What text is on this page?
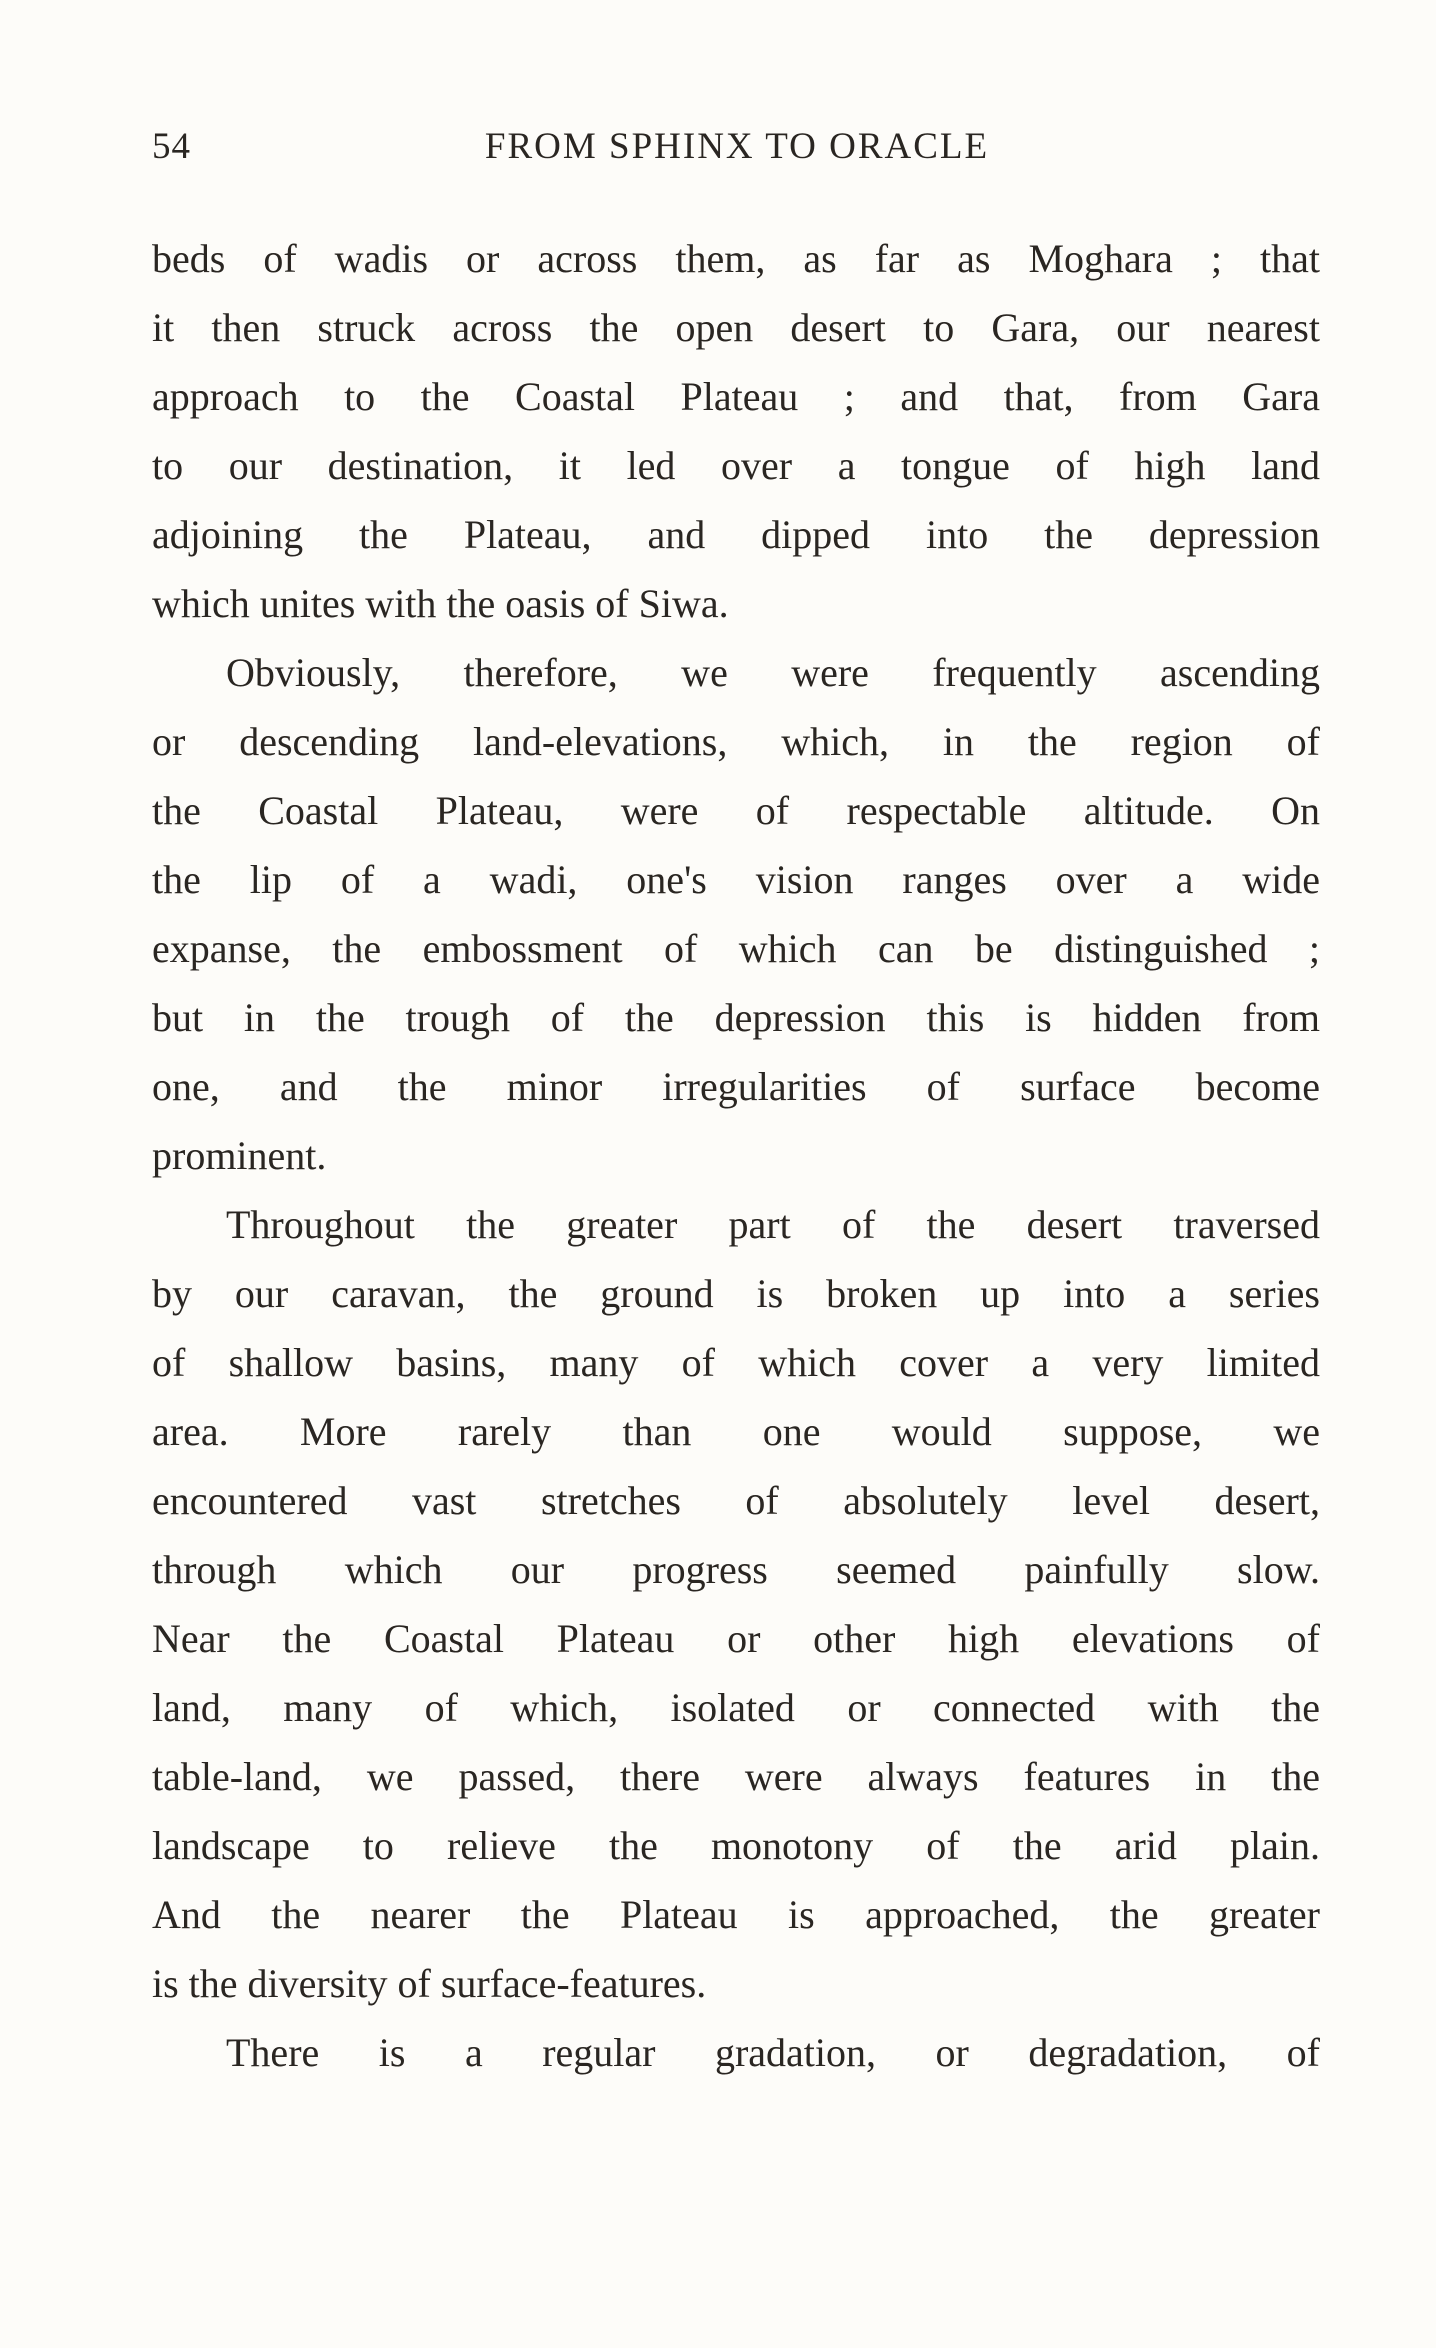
54	FROM SPHINX TO ORACLE
beds of wadis or across them, as far as Moghara ; that
it then struck across the open desert to Gara, our nearest
approach to the Coastal Plateau ; and that, from Gara
to our destination, it led over a tongue of high land
adjoining the Plateau, and dipped into the depression
which unites with the oasis of Siwa.
Obviously, therefore, we were frequently ascending
or descending land-elevations, which, in the region of
the Coastal Plateau, were of respectable altitude. On
the lip of a wadi, one's vision ranges over a wide
expanse, the embossment of which can be distinguished ;
but in the trough of the depression this is hidden from
one, and the minor irregularities of surface become
prominent.
Throughout the greater part of the desert traversed
by our caravan, the ground is broken up into a series
of shallow basins, many of which cover a very limited
area. More rarely than one would suppose, we
encountered vast stretches of absolutely level desert,
through which our progress seemed painfully slow.
Near the Coastal Plateau or other high elevations of
land, many of which, isolated or connected with the
table-land, we passed, there were always features in the
landscape to relieve the monotony of the arid plain.
And the nearer the Plateau is approached, the greater
is the diversity of surface-features.
There is a regular gradation, or degradation, of
